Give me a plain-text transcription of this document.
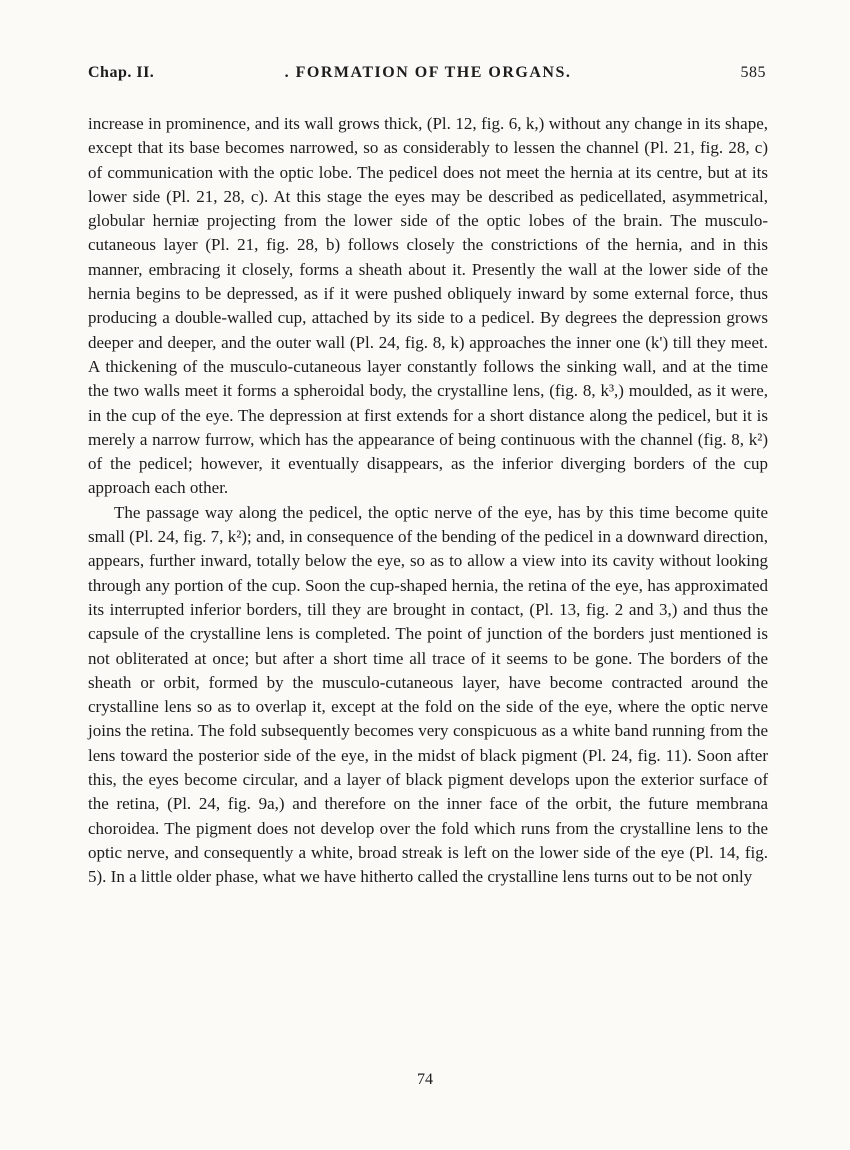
Chap. II.	. FORMATION OF THE ORGANS.	585

increase in prominence, and its wall grows thick, (Pl. 12, fig. 6, k,) without any change in its shape, except that its base becomes narrowed, so as considerably to lessen the channel (Pl. 21, fig. 28, c) of communication with the optic lobe. The pedicel does not meet the hernia at its centre, but at its lower side (Pl. 21, 28, c). At this stage the eyes may be described as pedicellated, asymmetrical, globular herniæ projecting from the lower side of the optic lobes of the brain. The musculo-cutaneous layer (Pl. 21, fig. 28, b) follows closely the constrictions of the hernia, and in this manner, embracing it closely, forms a sheath about it. Presently the wall at the lower side of the hernia begins to be depressed, as if it were pushed obliquely inward by some external force, thus producing a double-walled cup, attached by its side to a pedicel. By degrees the depression grows deeper and deeper, and the outer wall (Pl. 24, fig. 8, k) approaches the inner one (k') till they meet. A thickening of the musculo-cutaneous layer constantly follows the sinking wall, and at the time the two walls meet it forms a spheroidal body, the crystalline lens, (fig. 8, k³,) moulded, as it were, in the cup of the eye. The depression at first extends for a short distance along the pedicel, but it is merely a narrow furrow, which has the appearance of being continuous with the channel (fig. 8, k²) of the pedicel; however, it eventually disappears, as the inferior diverging borders of the cup approach each other.

The passage way along the pedicel, the optic nerve of the eye, has by this time become quite small (Pl. 24, fig. 7, k²); and, in consequence of the bending of the pedicel in a downward direction, appears, further inward, totally below the eye, so as to allow a view into its cavity without looking through any portion of the cup. Soon the cup-shaped hernia, the retina of the eye, has approximated its interrupted inferior borders, till they are brought in contact, (Pl. 13, fig. 2 and 3,) and thus the capsule of the crystalline lens is completed. The point of junction of the borders just mentioned is not obliterated at once; but after a short time all trace of it seems to be gone. The borders of the sheath or orbit, formed by the musculo-cutaneous layer, have become contracted around the crystalline lens so as to overlap it, except at the fold on the side of the eye, where the optic nerve joins the retina. The fold subsequently becomes very conspicuous as a white band running from the lens toward the posterior side of the eye, in the midst of black pigment (Pl. 24, fig. 11). Soon after this, the eyes become circular, and a layer of black pigment develops upon the exterior surface of the retina, (Pl. 24, fig. 9a,) and therefore on the inner face of the orbit, the future membrana choroidea. The pigment does not develop over the fold which runs from the crystalline lens to the optic nerve, and consequently a white, broad streak is left on the lower side of the eye (Pl. 14, fig. 5). In a little older phase, what we have hitherto called the crystalline lens turns out to be not only

74
